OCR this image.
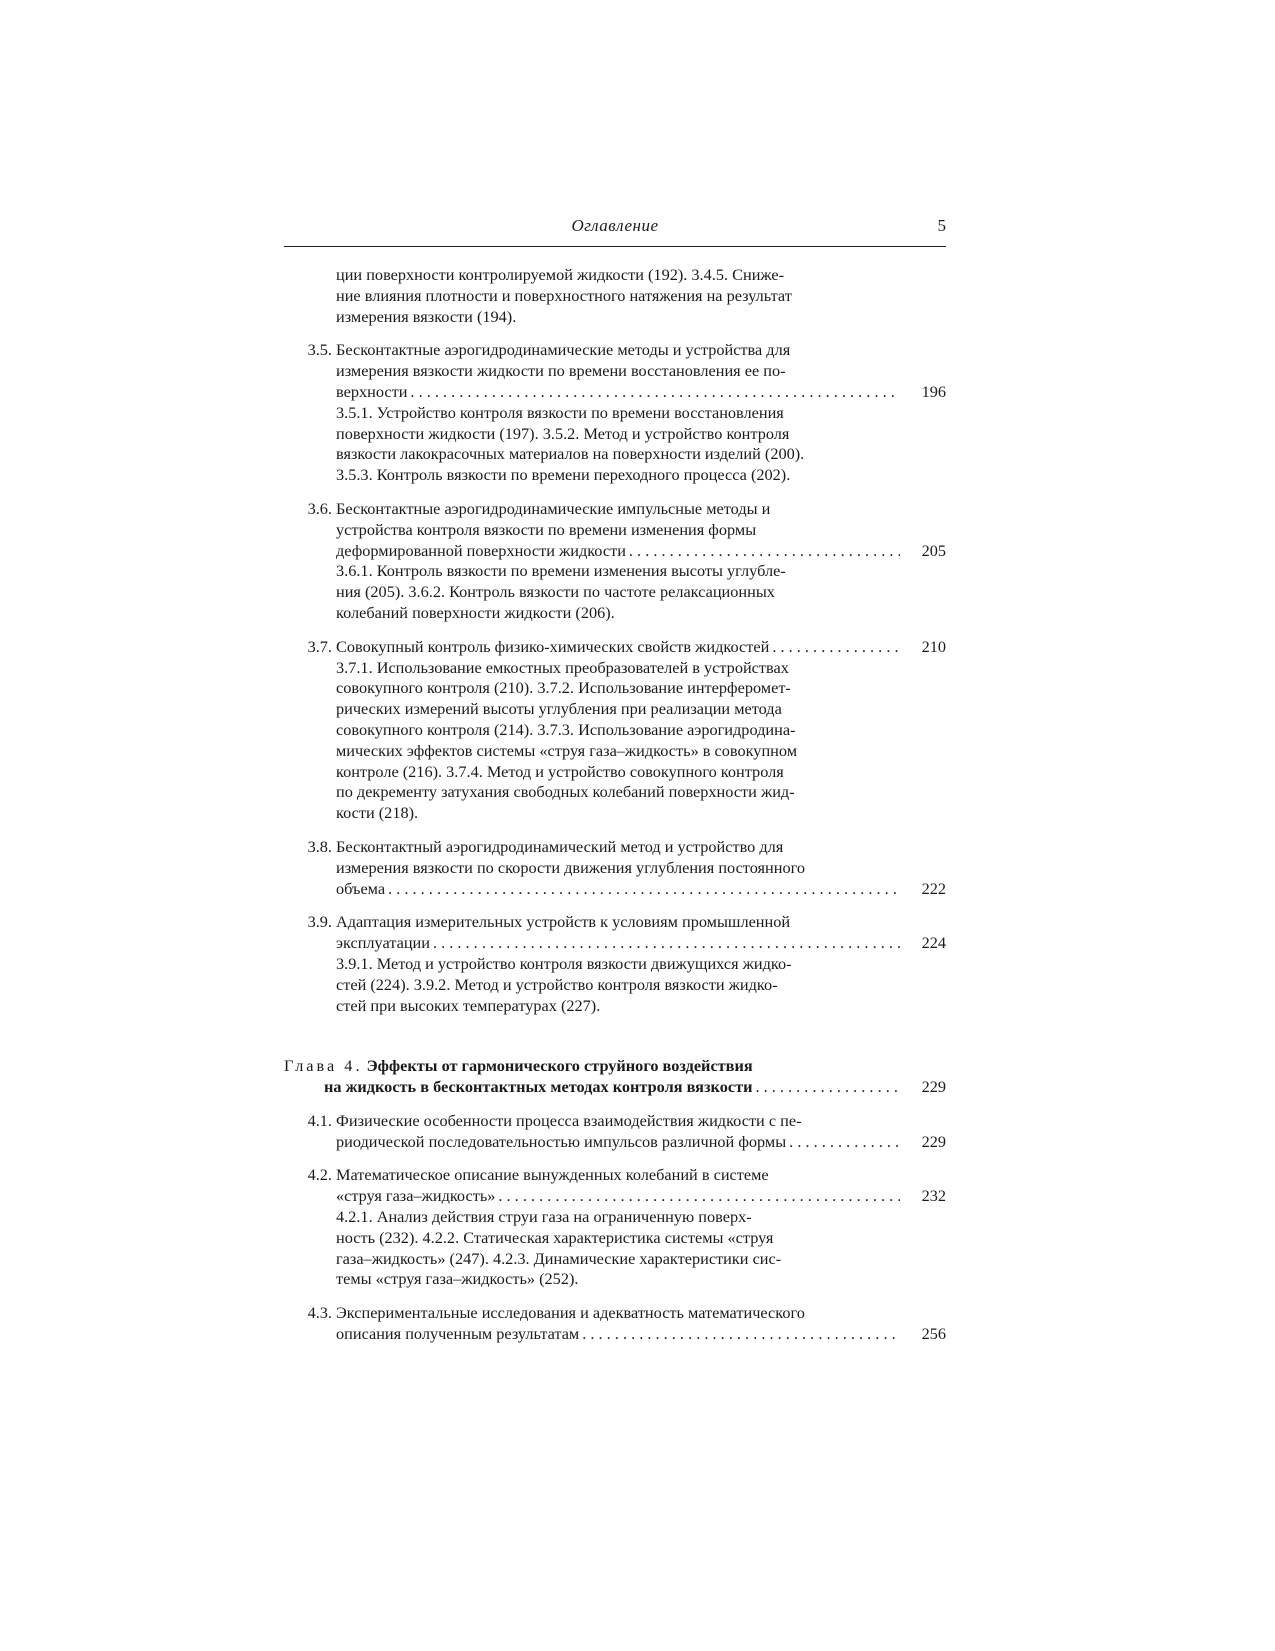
Оглавление	5
ции поверхности контролируемой жидкости (192). 3.4.5. Сниже-
ние влияния плотности и поверхностного натяжения на результат
измерения вязкости (194).
3.5. Бесконтактные аэрогидродинамические методы и устройства для
измерения вязкости жидкости по времени восстановления ее по-
верхности . . .	196
3.5.1. Устройство контроля вязкости по времени восстановления
поверхности жидкости (197). 3.5.2. Метод и устройство контроля
вязкости лакокрасочных материалов на поверхности изделий (200).
3.5.3. Контроль вязкости по времени переходного процесса (202).
3.6. Бесконтактные аэрогидродинамические импульсные методы и
устройства контроля вязкости по времени изменения формы
деформированной поверхности жидкости . . .	205
3.6.1. Контроль вязкости по времени изменения высоты углубле-
ния (205). 3.6.2. Контроль вязкости по частоте релаксационных
колебаний поверхности жидкости (206).
3.7. Совокупный контроль физико-химических свойств жидкостей . . .	210
3.7.1. Использование емкостных преобразователей в устройствах
совокупного контроля (210). 3.7.2. Использование интерферомет-
рических измерений высоты углубления при реализации метода
совокупного контроля (214). 3.7.3. Использование аэрогидродина-
мических эффектов системы «струя газа–жидкость» в совокупном
контроле (216). 3.7.4. Метод и устройство совокупного контроля
по декременту затухания свободных колебаний поверхности жид-
кости (218).
3.8. Бесконтактный аэрогидродинамический метод и устройство для
измерения вязкости по скорости движения углубления постоянного
объема . . .	222
3.9. Адаптация измерительных устройств к условиям промышленной
эксплуатации . . .	224
3.9.1. Метод и устройство контроля вязкости движущихся жидко-
стей (224). 3.9.2. Метод и устройство контроля вязкости жидко-
стей при высоких температурах (227).
Глава 4. Эффекты от гармонического струйного воздействия
на жидкость в бесконтактных методах контроля вязкости . . .	229
4.1. Физические особенности процесса взаимодействия жидкости с пе-
риодической последовательностью импульсов различной формы . . .	229
4.2. Математическое описание вынужденных колебаний в системе
«струя газа–жидкость» . . .	232
4.2.1. Анализ действия струи газа на ограниченную поверх-
ность (232). 4.2.2. Статическая характеристика системы «струя
газа–жидкость» (247). 4.2.3. Динамические характеристики сис-
темы «струя газа–жидкость» (252).
4.3. Экспериментальные исследования и адекватность математического
описания полученным результатам . . .	256
